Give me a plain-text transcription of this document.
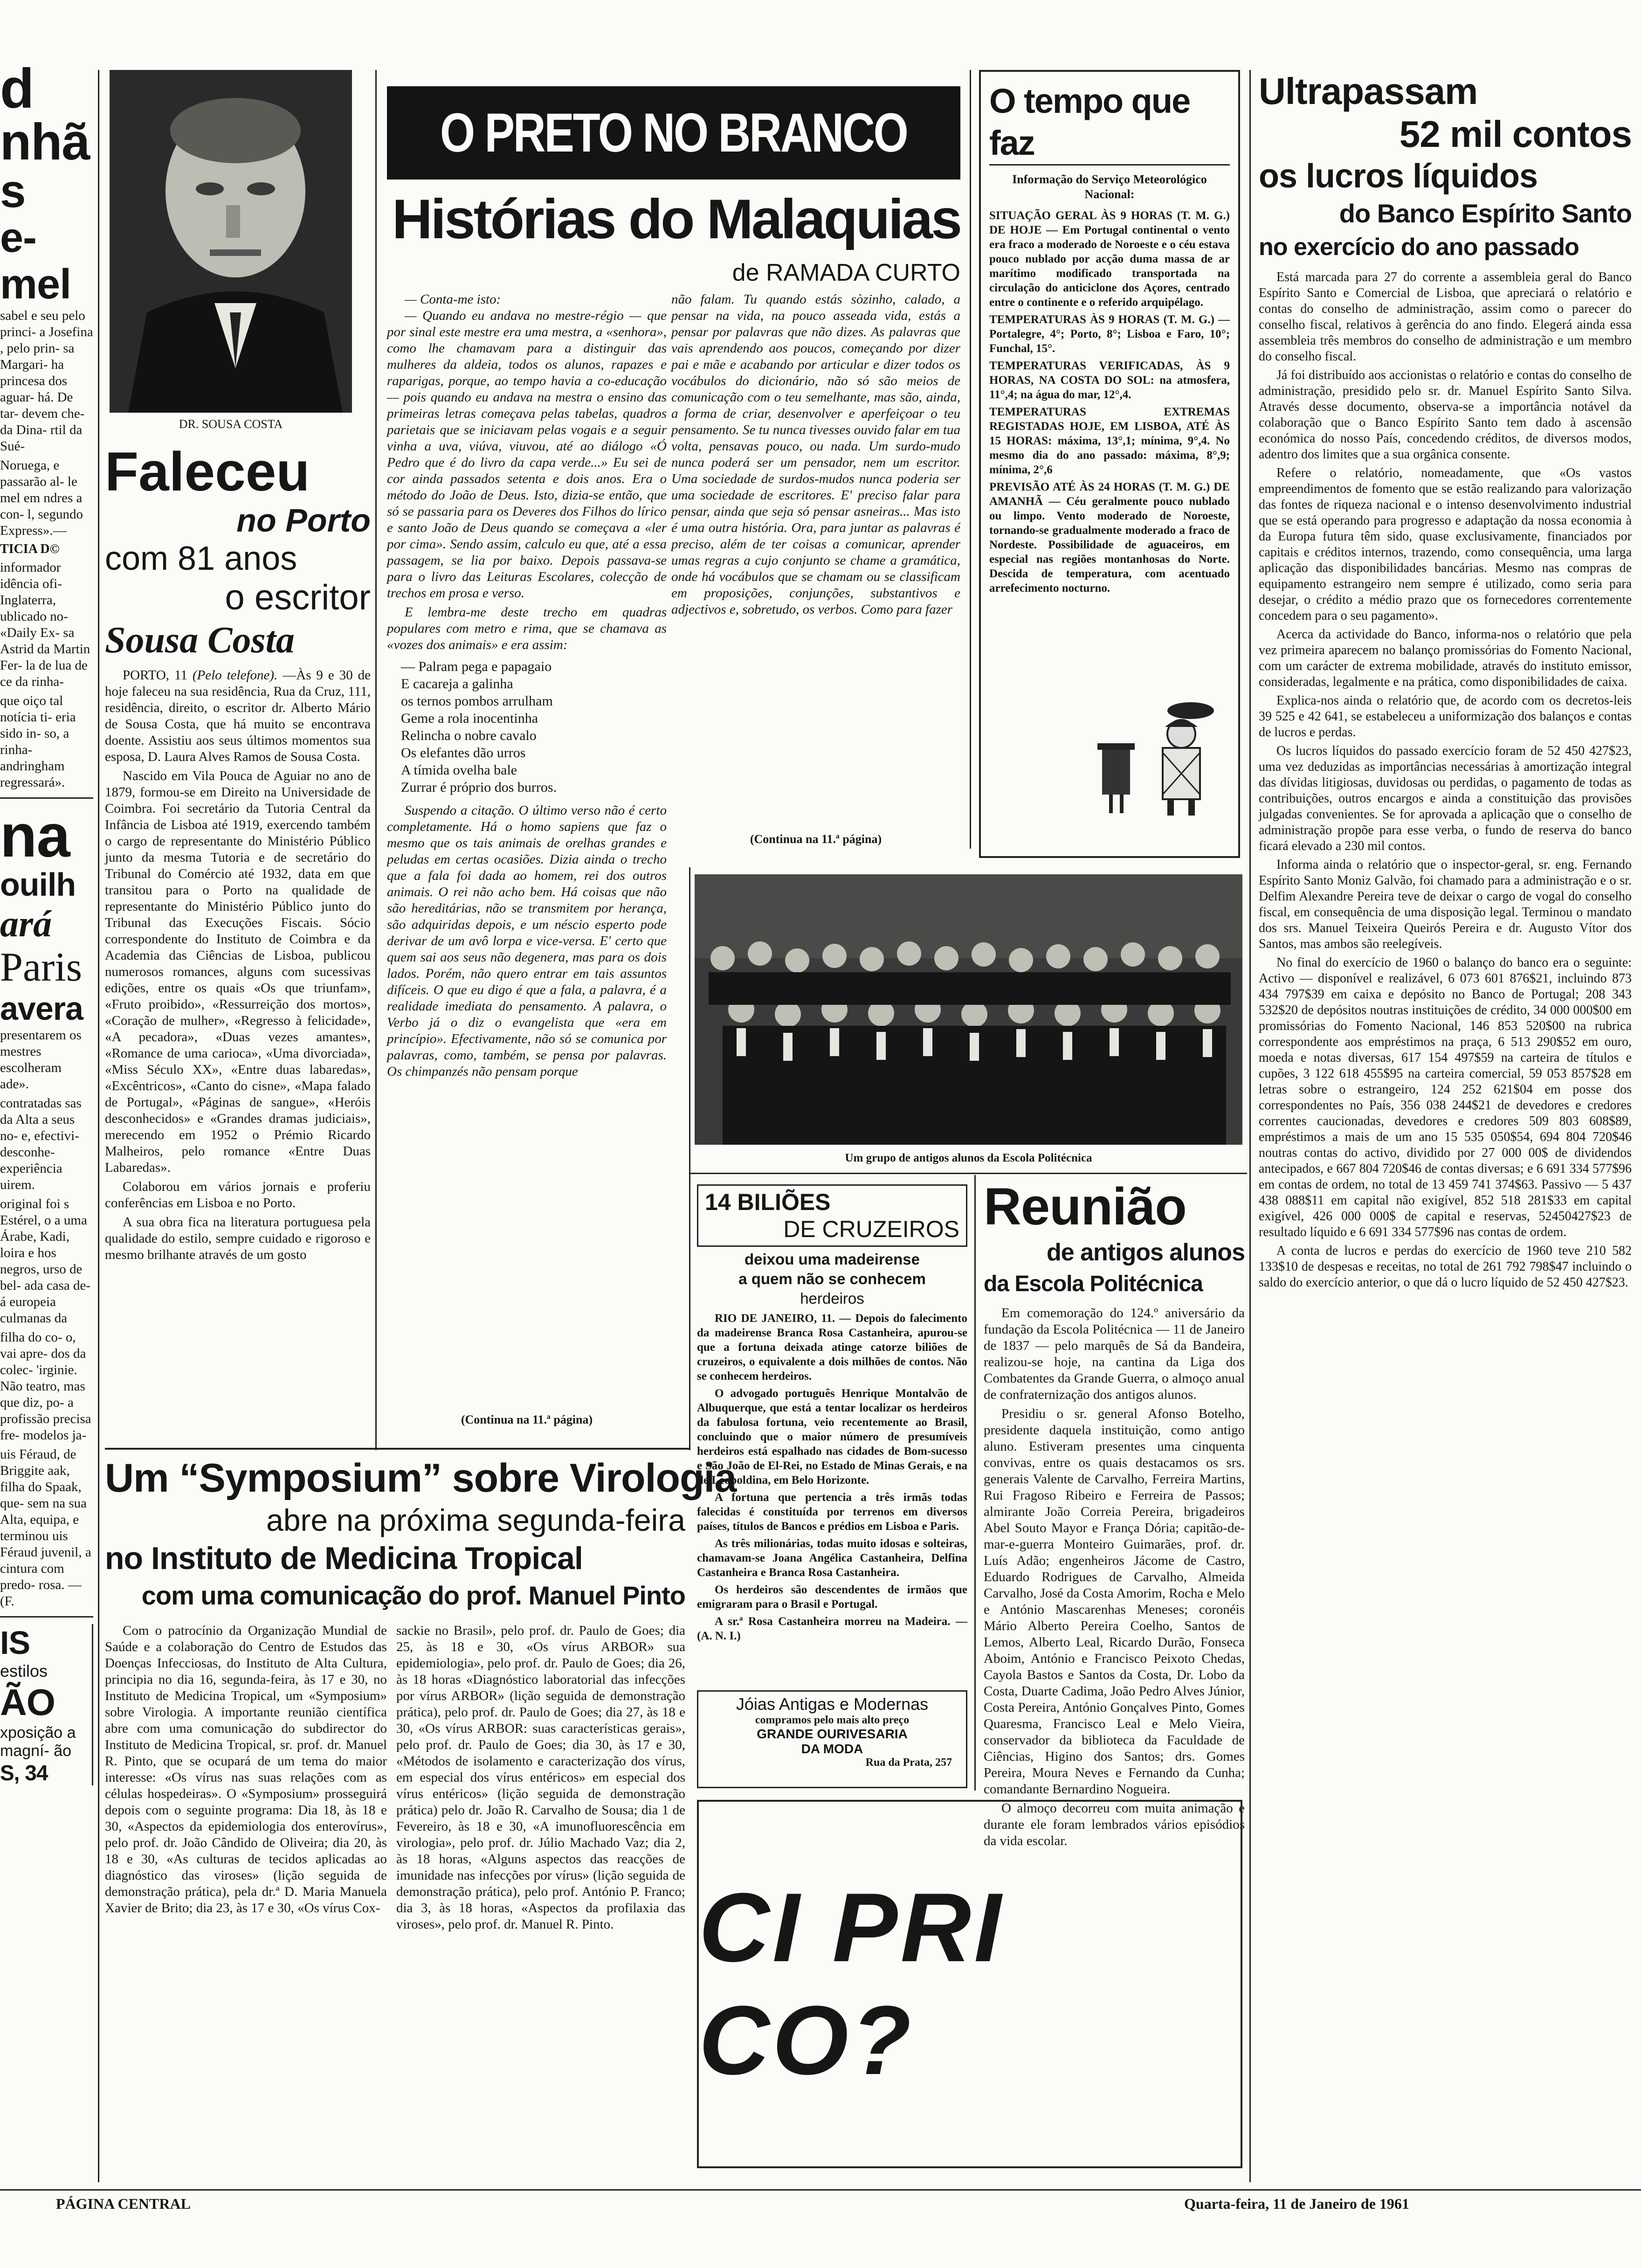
d
nhã
s
e-mel

sabel e seu pelo princi- a Josefina , pelo prin- sa Margari- ha princesa dos aguar- há. De tar- devem che- da Dina- rtil da Sué-

Noruega, e passarão al- le mel em ndres a con- l, segundo Express».—

TICIA D©

informador idência ofi- Inglaterra, ublicado no- «Daily Ex- sa Astrid da Martin Fer- la de lua de ce da rinha-

que oiço tal notícia ti- eria sido in- so, a rinha- andringham regressará».

na
ouilh
ará
Paris
avera

presentarem os mestres escolheram ade».

contratadas sas da Alta a seus no- e, efectivi- desconhe- experiência uirem.

original foi s Estérel, o a uma Árabe, Kadi, loira e hos negros, urso de bel- ada casa de- á europeia culmanas da

filha do co- o, vai apre- dos da colec- 'irginie. Não teatro, mas que diz, po- a profissão precisa fre- modelos ja-

uis Féraud, de Briggite aak, filha do Spaak, que- sem na sua Alta, equipa, e terminou uis Féraud juvenil, a cintura com predo- rosa. — (F.

IS
estilos
ÃO
xposição a magní- ão
S, 34
DR. SOUSA COSTA
Faleceu
no Porto
com 81 anos
o escritor
Sousa Costa

PORTO, 11 (Pelo telefone). —Às 9 e 30 de hoje faleceu na sua residência, Rua da Cruz, 111, residência, direito, o escritor dr. Alberto Mário de Sousa Costa, que há muito se encontrava doente. Assistiu aos seus últimos momentos sua esposa, D. Laura Alves Ramos de Sousa Costa.

Nascido em Vila Pouca de Aguiar no ano de 1879, formou-se em Direito na Universidade de Coimbra. Foi secretário da Tutoria Central da Infância de Lisboa até 1919, exercendo também o cargo de representante do Ministério Público junto da mesma Tutoria e de secretário do Tribunal do Comércio até 1932, data em que transitou para o Porto na qualidade de representante do Ministério Público junto do Tribunal das Execuções Fiscais. Sócio correspondente do Instituto de Coimbra e da Academia das Ciências de Lisboa, publicou numerosos romances, alguns com sucessivas edições, entre os quais «Os que triunfam», «Fruto proibido», «Ressurreição dos mortos», «Coração de mulher», «Regresso à felicidade», «A pecadora», «Duas vezes amantes», «Romance de uma carioca», «Uma divorciada», «Miss Século XX», «Entre duas labaredas», «Excêntricos», «Canto do cisne», «Mapa falado de Portugal», «Páginas de sangue», «Heróis desconhecidos» e «Grandes dramas judiciais», merecendo em 1952 o Prémio Ricardo Malheiros, pelo romance «Entre Duas Labaredas».

Colaborou em vários jornais e proferiu conferências em Lisboa e no Porto.

A sua obra fica na literatura portuguesa pela qualidade do estilo, sempre cuidado e rigoroso e mesmo brilhante através de um gosto

O PRETO NO BRANCO
Histórias do Malaquias
de RAMADA CURTO

— Conta-me isto:

— Quando eu andava no mestre-régio — que por sinal este mestre era uma mestra, a «senhora», como lhe chamavam para a distinguir das mulheres da aldeia, todos os alunos, rapazes e raparigas, porque, ao tempo havia a co-educação — pois quando eu andava na mestra o ensino das primeiras letras começava pelas tabelas, quadros parietais que se iniciavam pelas vogais e a seguir vinha a uva, viúva, viuvou, até ao diálogo «Ó Pedro que é do livro da capa verde...» Eu sei de cor ainda passados setenta e dois anos. Era o método do João de Deus. Isto, dizia-se então, que só se passaria para os Deveres dos Filhos do lírico e santo João de Deus quando se começava a «ler por cima». Sendo assim, calculo eu que, até a essa passagem, se lia por baixo. Depois passava-se para o livro das Leituras Escolares, colecção de trechos em prosa e verso.

E lembra-me deste trecho em quadras populares com metro e rima, que se chamava as «vozes dos animais» e era assim:

— Palram pega e papagaio
E cacareja a galinha
os ternos pombos arrulham
Geme a rola inocentinha
Relincha o nobre cavalo
Os elefantes dão urros
A tímida ovelha bale
Zurrar é próprio dos burros.

Suspendo a citação. O último verso não é certo completamente. Há o homo sapiens que faz o mesmo que os tais animais de orelhas grandes e peludas em certas ocasiões. Dizia ainda o trecho que a fala foi dada ao homem, rei dos outros animais. O rei não acho bem. Há coisas que não são hereditárias, não se transmitem por herança, são adquiridas depois, e um néscio esperto pode derivar de um avô lorpa e vice-versa. E' certo que quem sai aos seus não degenera, mas para os dois lados. Porém, não quero entrar em tais assuntos difíceis. O que eu digo é que a fala, a palavra, é a realidade imediata do pensamento. A palavra, o Verbo já o diz o evangelista que «era em princípio». Efectivamente, não só se comunica por palavras, como, também, se pensa por palavras. Os chimpanzés não pensam porque

não falam. Tu quando estás sòzinho, calado, a pensar na vida, na pouco asseada vida, estás a pensar por palavras que não dizes. As palavras que vais aprendendo aos poucos, começando por dizer pai e mãe e acabando por articular e dizer todos os vocábulos do dicionário, não só são meios de comunicação com o teu semelhante, mas são, ainda, a forma de criar, desenvolver e aperfeiçoar o teu pensamento. Se tu nunca tivesses ouvido falar em tua volta, pensavas pouco, ou nada. Um surdo-mudo nunca poderá ser um pensador, nem um escritor. Uma sociedade de surdos-mudos nunca poderia ser uma sociedade de escritores. E' preciso falar para pensar, ainda que seja só pensar asneiras... Mas isto é uma outra história. Ora, para juntar as palavras é preciso, além de ter coisas a comunicar, aprender umas regras a cujo conjunto se chame a gramática, onde há vocábulos que se chamam ou se classificam em proposições, conjunções, substantivos e adjectivos e, sobretudo, os verbos. Como para fazer

(Continua na 11.ª página)
(Continua na 11.ª página)
O tempo que faz
Informação do Serviço Meteorológico Nacional:

SITUAÇÃO GERAL ÀS 9 HORAS (T. M. G.) DE HOJE — Em Portugal continental o vento era fraco a moderado de Noroeste e o céu estava pouco nublado por acção duma massa de ar marítimo modificado transportada na circulação do anticiclone dos Açores, centrado entre o continente e o referido arquipélago.

TEMPERATURAS ÀS 9 HORAS (T. M. G.) — Portalegre, 4°; Porto, 8°; Lisboa e Faro, 10°; Funchal, 15°.

TEMPERATURAS VERIFICADAS, ÀS 9 HORAS, NA COSTA DO SOL: na atmosfera, 11°,4; na água do mar, 12°,4.

TEMPERATURAS EXTREMAS REGISTADAS HOJE, EM LISBOA, ATÉ ÀS 15 HORAS: máxima, 13°,1; mínima, 9°,4. No mesmo dia do ano passado: máxima, 8°,9; mínima, 2°,6

PREVISÃO ATÉ ÀS 24 HORAS (T. M. G.) DE AMANHÃ — Céu geralmente pouco nublado ou limpo. Vento moderado de Noroeste, tornando-se gradualmente moderado a fraco de Nordeste. Possibilidade de aguaceiros, em especial nas regiões montanhosas do Norte. Descida de temperatura, com acentuado arrefecimento nocturno.

Ultrapassam
52 mil contos
os lucros líquidos
do Banco Espírito Santo
no exercício do ano passado

Está marcada para 27 do corrente a assembleia geral do Banco Espírito Santo e Comercial de Lisboa, que apreciará o relatório e contas do conselho de administração, assim como o parecer do conselho fiscal, relativos à gerência do ano findo. Elegerá ainda essa assembleia três membros do conselho de administração e um membro do conselho fiscal.

Já foi distribuído aos accionistas o relatório e contas do conselho de administração, presidido pelo sr. dr. Manuel Espírito Santo Silva. Através desse documento, observa-se a importância notável da colaboração que o Banco Espírito Santo tem dado à ascensão económica do nosso País, concedendo créditos, de diversos modos, adentro dos limites que a sua orgânica consente.

Refere o relatório, nomeadamente, que «Os vastos empreendimentos de fomento que se estão realizando para valorização das fontes de riqueza nacional e o intenso desenvolvimento industrial que se está operando para progresso e adaptação da nossa economia à da Europa futura têm sido, quase exclusivamente, financiados por capitais e créditos internos, trazendo, como consequência, uma larga aplicação das disponibilidades bancárias. Mesmo nas compras de equipamento estrangeiro nem sempre é utilizado, como seria para desejar, o crédito a médio prazo que os fornecedores correntemente concedem para o seu pagamento».

Acerca da actividade do Banco, informa-nos o relatório que pela vez primeira aparecem no balanço promissórias do Fomento Nacional, com um carácter de extrema mobilidade, através do instituto emissor, consideradas, legalmente e na prática, como disponibilidades de caixa.

Explica-nos ainda o relatório que, de acordo com os decretos-leis 39 525 e 42 641, se estabeleceu a uniformização dos balanços e contas de lucros e perdas.

Os lucros líquidos do passado exercício foram de 52 450 427$23, uma vez deduzidas as importâncias necessárias à amortização integral das dívidas litigiosas, duvidosas ou perdidas, o pagamento de todas as contribuições, outros encargos e ainda a constituição das provisões julgadas convenientes. Se for aprovada a aplicação que o conselho de administração propõe para esse verba, o fundo de reserva do banco ficará elevado a 230 mil contos.

Informa ainda o relatório que o inspector-geral, sr. eng. Fernando Espírito Santo Moniz Galvão, foi chamado para a administração e o sr. Delfim Alexandre Pereira teve de deixar o cargo de vogal do conselho fiscal, em consequência de uma disposição legal. Terminou o mandato dos srs. Manuel Teixeira Queirós Pereira e dr. Augusto Vítor dos Santos, mas ambos são reelegíveis.

No final do exercício de 1960 o balanço do banco era o seguinte: Activo — disponível e realizável, 6 073 601 876$21, incluindo 873 434 797$39 em caixa e depósito no Banco de Portugal; 208 343 532$20 de depósitos noutras instituições de crédito, 34 000 000$00 em promissórias do Fomento Nacional, 146 853 520$00 na rubrica correspondente aos empréstimos na praça, 6 513 290$52 em ouro, moeda e notas diversas, 617 154 497$59 na carteira de títulos e cupões, 3 122 618 455$95 na carteira comercial, 59 053 857$28 em letras sobre o estrangeiro, 124 252 621$04 em posse dos correspondentes no País, 356 038 244$21 de devedores e credores correntes caucionadas, devedores e credores 509 803 608$89, empréstimos a mais de um ano 15 535 050$54, 694 804 720$46 noutras contas do activo, dividido por 27 000 00$ de dividendos antecipados, e 667 804 720$46 de contas diversas; e 6 691 334 577$96 em contas de ordem, no total de 13 459 741 374$63. Passivo — 5 437 438 088$11 em capital não exigível, 852 518 281$33 em capital exigível, 426 000 000$ de capital e reservas, 52450427$23 de resultado líquido e 6 691 334 577$96 nas contas de ordem.

A conta de lucros e perdas do exercício de 1960 teve 210 582 133$10 de despesas e receitas, no total de 261 792 798$47 incluindo o saldo do exercício anterior, o que dá o lucro líquido de 52 450 427$23.

Um grupo de antigos alunos da Escola Politécnica
14 BILIÕES
DE CRUZEIROS
deixou uma madeirense
a quem não se conhecem
herdeiros

RIO DE JANEIRO, 11. — Depois do falecimento da madeirense Branca Rosa Castanheira, apurou-se que a fortuna deixada atinge catorze biliões de cruzeiros, o equivalente a dois milhões de contos. Não se conhecem herdeiros.

O advogado português Henrique Montalvão de Albuquerque, que está a tentar localizar os herdeiros da fabulosa fortuna, veio recentemente ao Brasil, concluindo que o maior número de presumíveis herdeiros está espalhado nas cidades de Bom-sucesso e São João de El-Rei, no Estado de Minas Gerais, e na de Leopoldina, em Belo Horizonte.

A fortuna que pertencia a três irmãs todas falecidas é constituída por terrenos em diversos países, títulos de Bancos e prédios em Lisboa e Paris.

As três milionárias, todas muito idosas e solteiras, chamavam-se Joana Angélica Castanheira, Delfina Castanheira e Branca Rosa Castanheira.

Os herdeiros são descendentes de irmãos que emigraram para o Brasil e Portugal.

A sr.ª Rosa Castanheira morreu na Madeira. — (A. N. I.)

Jóias Antigas e Modernas
compramos pelo mais alto preço
GRANDE OURIVESARIA
DA MODA
Rua da Prata, 257
Reunião
de antigos alunos
da Escola Politécnica

Em comemoração do 124.º aniversário da fundação da Escola Politécnica — 11 de Janeiro de 1837 — pelo marquês de Sá da Bandeira, realizou-se hoje, na cantina da Liga dos Combatentes da Grande Guerra, o almoço anual de confraternização dos antigos alunos.

Presidiu o sr. general Afonso Botelho, presidente daquela instituição, como antigo aluno. Estiveram presentes uma cinquenta convivas, entre os quais destacamos os srs. generais Valente de Carvalho, Ferreira Martins, Rui Fragoso Ribeiro e Ferreira de Passos; almirante João Correia Pereira, brigadeiros Abel Souto Mayor e França Dória; capitão-de-mar-e-guerra Monteiro Guimarães, prof. dr. Luís Adão; engenheiros Jácome de Castro, Eduardo Rodrigues de Carvalho, Almeida Carvalho, José da Costa Amorim, Rocha e Melo e António Mascarenhas Meneses; coronéis Mário Alberto Pereira Coelho, Santos de Lemos, Alberto Leal, Ricardo Durão, Fonseca Aboim, António e Francisco Peixoto Chedas, Cayola Bastos e Santos da Costa, Dr. Lobo da Costa, Duarte Cadima, João Pedro Alves Júnior, Costa Pereira, António Gonçalves Pinto, Gomes Quaresma, Francisco Leal e Melo Vieira, conservador da biblioteca da Faculdade de Ciências, Higino dos Santos; drs. Gomes Pereira, Moura Neves e Fernando da Cunha; comandante Bernardino Nogueira.

O almoço decorreu com muita animação e durante ele foram lembrados vários episódios da vida escolar.

Um “Symposium” sobre Virologia
abre na próxima segunda-feira
no Instituto de Medicina Tropical
com uma comunicação do prof. Manuel Pinto

Com o patrocínio da Organização Mundial de Saúde e a colaboração do Centro de Estudos das Doenças Infecciosas, do Instituto de Alta Cultura, principia no dia 16, segunda-feira, às 17 e 30, no Instituto de Medicina Tropical, um «Symposium» sobre Virologia. A importante reunião científica abre com uma comunicação do subdirector do Instituto de Medicina Tropical, sr. prof. dr. Manuel R. Pinto, que se ocupará de um tema do maior interesse: «Os vírus nas suas relações com as células hospedeiras». O «Symposium» prosseguirá depois com o seguinte programa: Dia 18, às 18 e 30, «Aspectos da epidemiologia dos enterovírus», pelo prof. dr. João Cândido de Oliveira; dia 20, às 18 e 30, «As culturas de tecidos aplicadas ao diagnóstico das viroses» (lição seguida de demonstração prática), pela dr.ª D. Maria Manuela Xavier de Brito; dia 23, às 17 e 30, «Os vírus Cox-

sackie no Brasil», pelo prof. dr. Paulo de Goes; dia 25, às 18 e 30, «Os vírus ARBOR» sua epidemiologia», pelo prof. dr. Paulo de Goes; dia 26, às 18 horas «Diagnóstico laboratorial das infecções por vírus ARBOR» (lição seguida de demonstração prática), pelo prof. dr. Paulo de Goes; dia 27, às 18 e 30, «Os vírus ARBOR: suas características gerais», pelo prof. dr. Paulo de Goes; dia 30, às 17 e 30, «Métodos de isolamento e caracterização dos vírus, em especial dos vírus entéricos» em especial dos vírus entéricos» (lição seguida de demonstração prática) pelo dr. João R. Carvalho de Sousa; dia 1 de Fevereiro, às 18 e 30, «A imunofluorescência em virologia», pelo prof. dr. Júlio Machado Vaz; dia 2, às 18 horas, «Alguns aspectos das reacções de imunidade nas infecções por vírus» (lição seguida de demonstração prática), pelo prof. António P. Franco; dia 3, às 18 horas, «Aspectos da profilaxia das viroses», pelo prof. dr. Manuel R. Pinto. CI PRI CO?
PÁGINA CENTRAL	Quarta-feira, 11 de Janeiro de 1961
